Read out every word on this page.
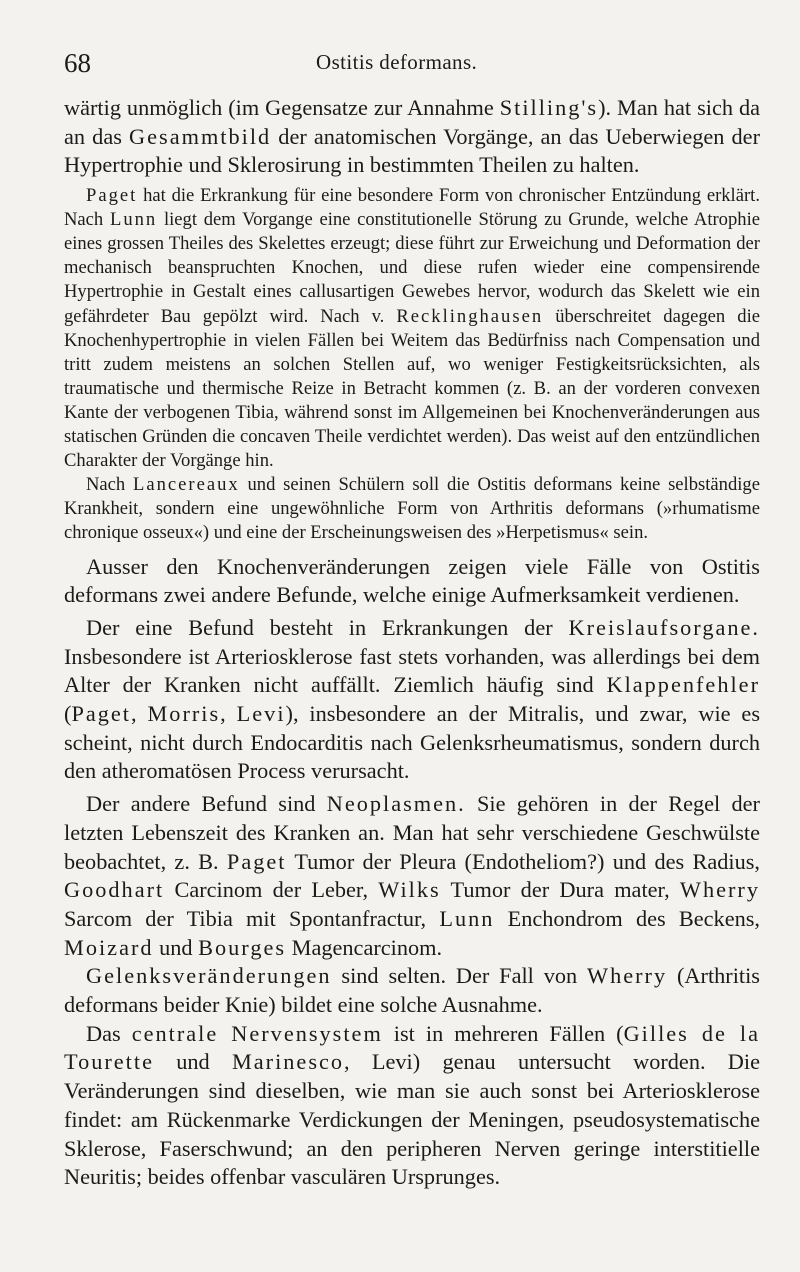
68	Ostitis deformans.

wärtig unmöglich (im Gegensatze zur Annahme Stilling's). Man hat sich da an das Gesammtbild der anatomischen Vorgänge, an das Ueberwiegen der Hypertrophie und Sklerosirung in bestimmten Theilen zu halten.

Paget hat die Erkrankung für eine besondere Form von chronischer Entzündung erklärt. Nach Lunn liegt dem Vorgange eine constitutionelle Störung zu Grunde, welche Atrophie eines grossen Theiles des Skelettes erzeugt; diese führt zur Erweichung und Deformation der mechanisch beanspruchten Knochen, und diese rufen wieder eine compensirende Hypertrophie in Gestalt eines callusartigen Gewebes hervor, wodurch das Skelett wie ein gefährdeter Bau gepölzt wird. Nach v. Recklinghausen überschreitet dagegen die Knochenhypertrophie in vielen Fällen bei Weitem das Bedürfniss nach Compensation und tritt zudem meistens an solchen Stellen auf, wo weniger Festigkeitsrücksichten, als traumatische und thermische Reize in Betracht kommen (z. B. an der vorderen convexen Kante der verbogenen Tibia, während sonst im Allgemeinen bei Knochenveränderungen aus statischen Gründen die concaven Theile verdichtet werden). Das weist auf den entzündlichen Charakter der Vorgänge hin.

Nach Lancereaux und seinen Schülern soll die Ostitis deformans keine selbständige Krankheit, sondern eine ungewöhnliche Form von Arthritis deformans (»rhumatisme chronique osseux«) und eine der Erscheinungsweisen des »Herpetismus« sein.

Ausser den Knochenveränderungen zeigen viele Fälle von Ostitis deformans zwei andere Befunde, welche einige Aufmerksamkeit verdienen.

Der eine Befund besteht in Erkrankungen der Kreislaufsorgane. Insbesondere ist Arteriosklerose fast stets vorhanden, was allerdings bei dem Alter der Kranken nicht auffällt. Ziemlich häufig sind Klappenfehler (Paget, Morris, Levi), insbesondere an der Mitralis, und zwar, wie es scheint, nicht durch Endocarditis nach Gelenksrheumatismus, sondern durch den atheromatösen Process verursacht.

Der andere Befund sind Neoplasmen. Sie gehören in der Regel der letzten Lebenszeit des Kranken an. Man hat sehr verschiedene Geschwülste beobachtet, z. B. Paget Tumor der Pleura (Endotheliom?) und des Radius, Goodhart Carcinom der Leber, Wilks Tumor der Dura mater, Wherry Sarcom der Tibia mit Spontanfractur, Lunn Enchondrom des Beckens, Moizard und Bourges Magencarcinom.

Gelenksveränderungen sind selten. Der Fall von Wherry (Arthritis deformans beider Knie) bildet eine solche Ausnahme.

Das centrale Nervensystem ist in mehreren Fällen (Gilles de la Tourette und Marinesco, Levi) genau untersucht worden. Die Veränderungen sind dieselben, wie man sie auch sonst bei Arteriosklerose findet: am Rückenmarke Verdickungen der Meningen, pseudosystematische Sklerose, Faserschwund; an den peripheren Nerven geringe interstitielle Neuritis; beides offenbar vasculären Ursprunges.
